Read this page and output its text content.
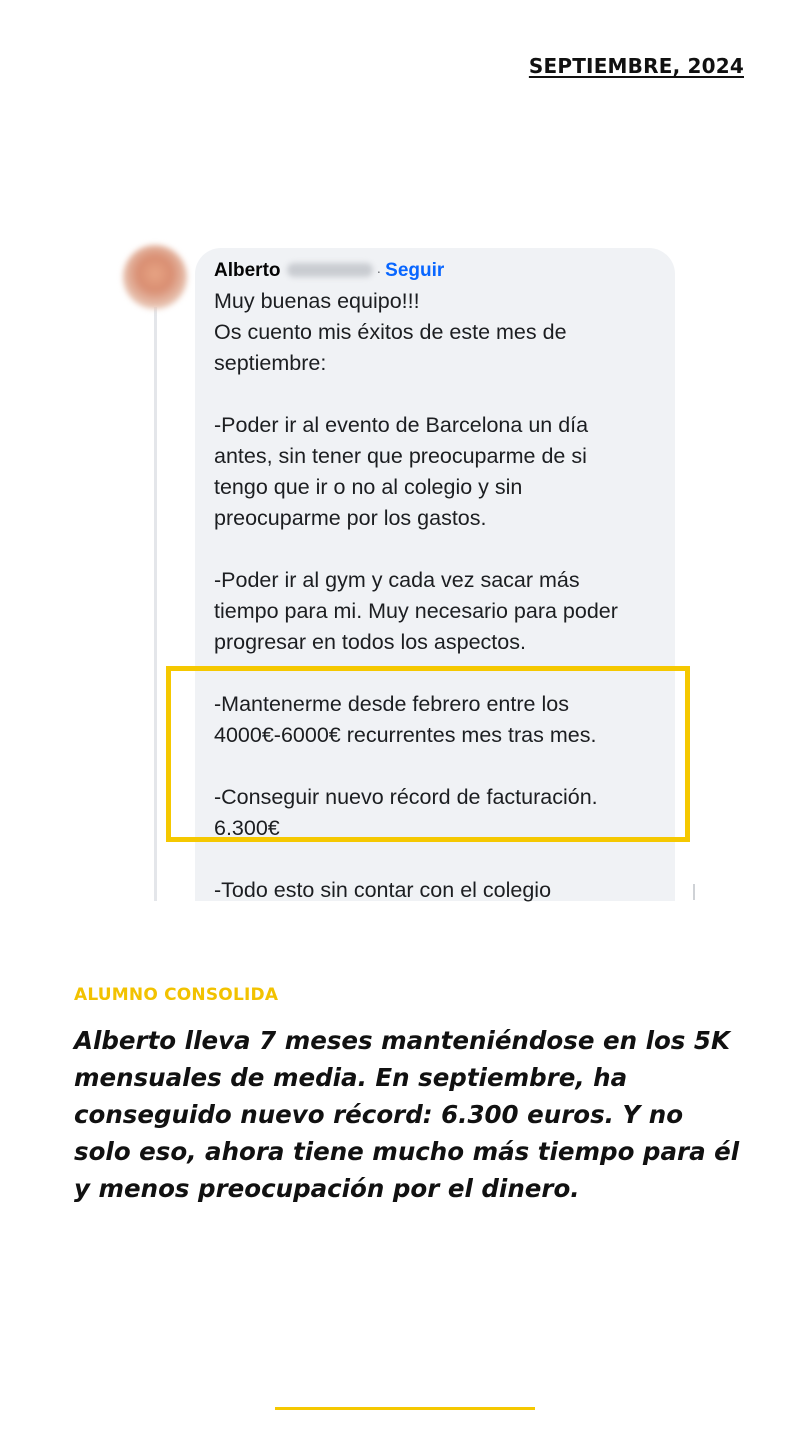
SEPTIEMBRE, 2024
Alberto	· Seguir

Muy buenas equipo!!!

Os cuento mis éxitos de este mes de

septiembre:

-Poder ir al evento de Barcelona un día

antes, sin tener que preocuparme de si

tengo que ir o no al colegio y sin

preocuparme por los gastos.

-Poder ir al gym y cada vez sacar más

tiempo para mi. Muy necesario para poder

progresar en todos los aspectos.

-Mantenerme desde febrero entre los

4000€-6000€ recurrentes mes tras mes.

-Conseguir nuevo récord de facturación.

6.300€

-Todo esto sin contar con el colegio

ALUMNO CONSOLIDA

Alberto lleva 7 meses manteniéndose en los 5K mensuales de media. En septiembre, ha conseguido nuevo récord: 6.300 euros. Y no solo eso, ahora tiene mucho más tiempo para él y menos preocupación por el dinero.
